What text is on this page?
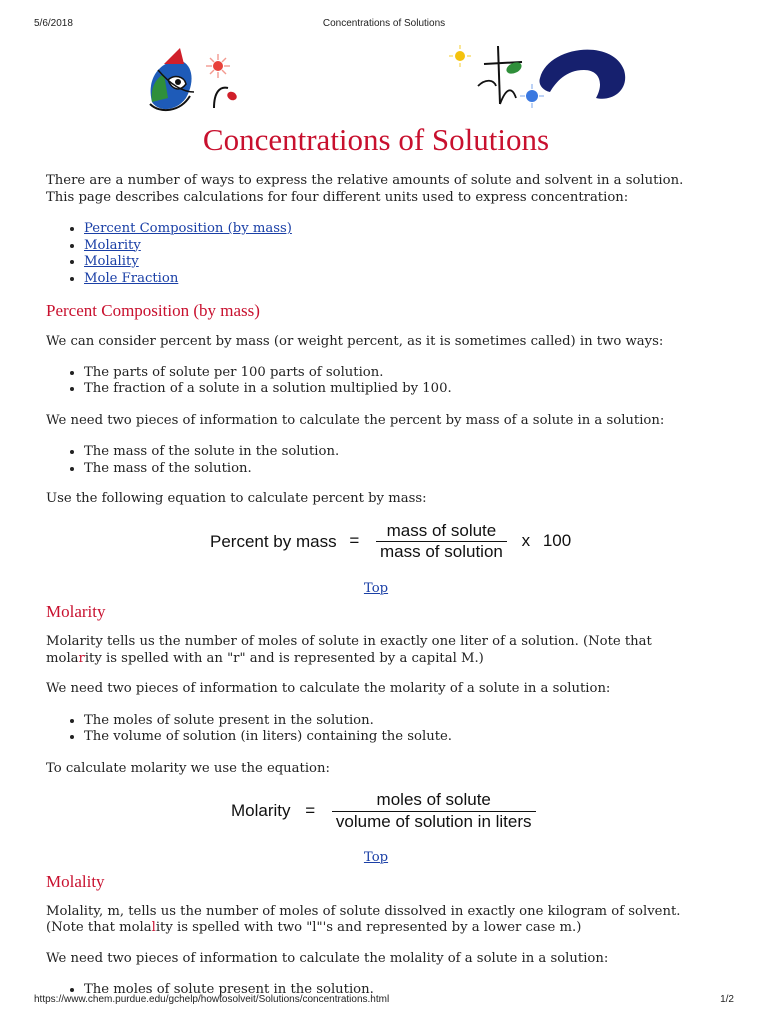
5/6/2018	Concentrations of Solutions
Concentrations of Solutions

There are a number of ways to express the relative amounts of solute and solvent in a solution. This page describes calculations for four different units used to express concentration:

• Percent Composition (by mass)
• Molarity
• Molality
• Mole Fraction
Percent Composition (by mass)

We can consider percent by mass (or weight percent, as it is sometimes called) in two ways:

• The parts of solute per 100 parts of solution.
• The fraction of a solute in a solution multiplied by 100.

We need two pieces of information to calculate the percent by mass of a solute in a solution:

• The mass of the solute in the solution.
• The mass of the solution.

Use the following equation to calculate percent by mass:

Percent by mass = $\frac{\text{mass of solute}}{\text{mass of solution}}$ x 100
Top
Molarity

Molarity tells us the number of moles of solute in exactly one liter of a solution. (Note that molarity is spelled with an "r" and is represented by a capital M.)

We need two pieces of information to calculate the molarity of a solute in a solution:

• The moles of solute present in the solution.
• The volume of solution (in liters) containing the solute.

To calculate molarity we use the equation:

Molarity = $\frac{\text{moles of solute}}{\text{volume of solution in liters}}$
Top
Molality

Molality, m, tells us the number of moles of solute dissolved in exactly one kilogram of solvent. (Note that molality is spelled with two "l"'s and represented by a lower case m.)

We need two pieces of information to calculate the molality of a solute in a solution:

• The moles of solute present in the solution.
https://www.chem.purdue.edu/gchelp/howtosolveit/Solutions/concentrations.html	1/2
